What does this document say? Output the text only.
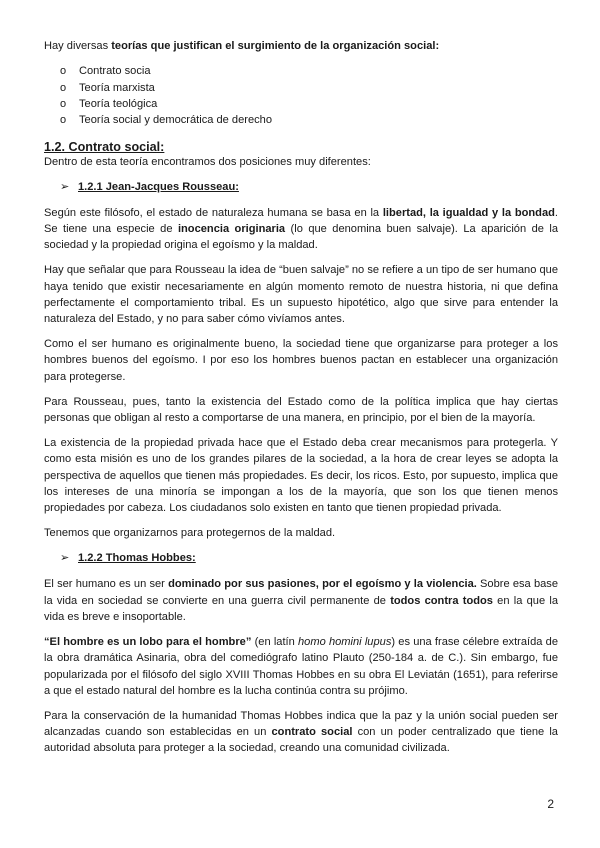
Hay diversas teorías que justifican el surgimiento de la organización social:

o Contrato socia
o Teoría marxista
o Teoría teológica
o Teoría social y democrática de derecho
1.2. Contrato social:
Dentro de esta teoría encontramos dos posiciones muy diferentes:
➢ 1.2.1 Jean-Jacques Rousseau:

Según este filósofo, el estado de naturaleza humana se basa en la libertad, la igualdad y la bondad. Se tiene una especie de inocencia originaria (lo que denomina buen salvaje). La aparición de la sociedad y la propiedad origina el egoísmo y la maldad.

Hay que señalar que para Rousseau la idea de “buen salvaje” no se refiere a un tipo de ser humano que haya tenido que existir necesariamente en algún momento remoto de nuestra historia, ni que defina perfectamente el comportamiento tribal. Es un supuesto hipotético, algo que sirve para entender la naturaleza del Estado, y no para saber cómo vivíamos antes.

Como el ser humano es originalmente bueno, la sociedad tiene que organizarse para proteger a los hombres buenos del egoísmo. I por eso los hombres buenos pactan en establecer una organización para protegerse.

Para Rousseau, pues, tanto la existencia del Estado como de la política implica que hay ciertas personas que obligan al resto a comportarse de una manera, en principio, por el bien de la mayoría.

La existencia de la propiedad privada hace que el Estado deba crear mecanismos para protegerla. Y como esta misión es uno de los grandes pilares de la sociedad, a la hora de crear leyes se adopta la perspectiva de aquellos que tienen más propiedades. Es decir, los ricos. Esto, por supuesto, implica que los intereses de una minoría se impongan a los de la mayoría, que son los que tienen menos propiedades por cabeza. Los ciudadanos solo existen en tanto que tienen propiedad privada.

Tenemos que organizarnos para protegernos de la maldad.

➢ 1.2.2 Thomas Hobbes:

El ser humano es un ser dominado por sus pasiones, por el egoísmo y la violencia. Sobre esa base la vida en sociedad se convierte en una guerra civil permanente de todos contra todos en la que la vida es breve e insoportable.

“El hombre es un lobo para el hombre” (en latín homo homini lupus) es una frase célebre extraída de la obra dramática Asinaria, obra del comediógrafo latino Plauto (250-184 a. de C.). Sin embargo, fue popularizada por el filósofo del siglo XVIII Thomas Hobbes en su obra El Leviatán (1651), para referirse a que el estado natural del hombre es la lucha continúa contra su prójimo.

Para la conservación de la humanidad Thomas Hobbes indica que la paz y la unión social pueden ser alcanzadas cuando son establecidas en un contrato social con un poder centralizado que tiene la autoridad absoluta para proteger a la sociedad, creando una comunidad civilizada.

2
